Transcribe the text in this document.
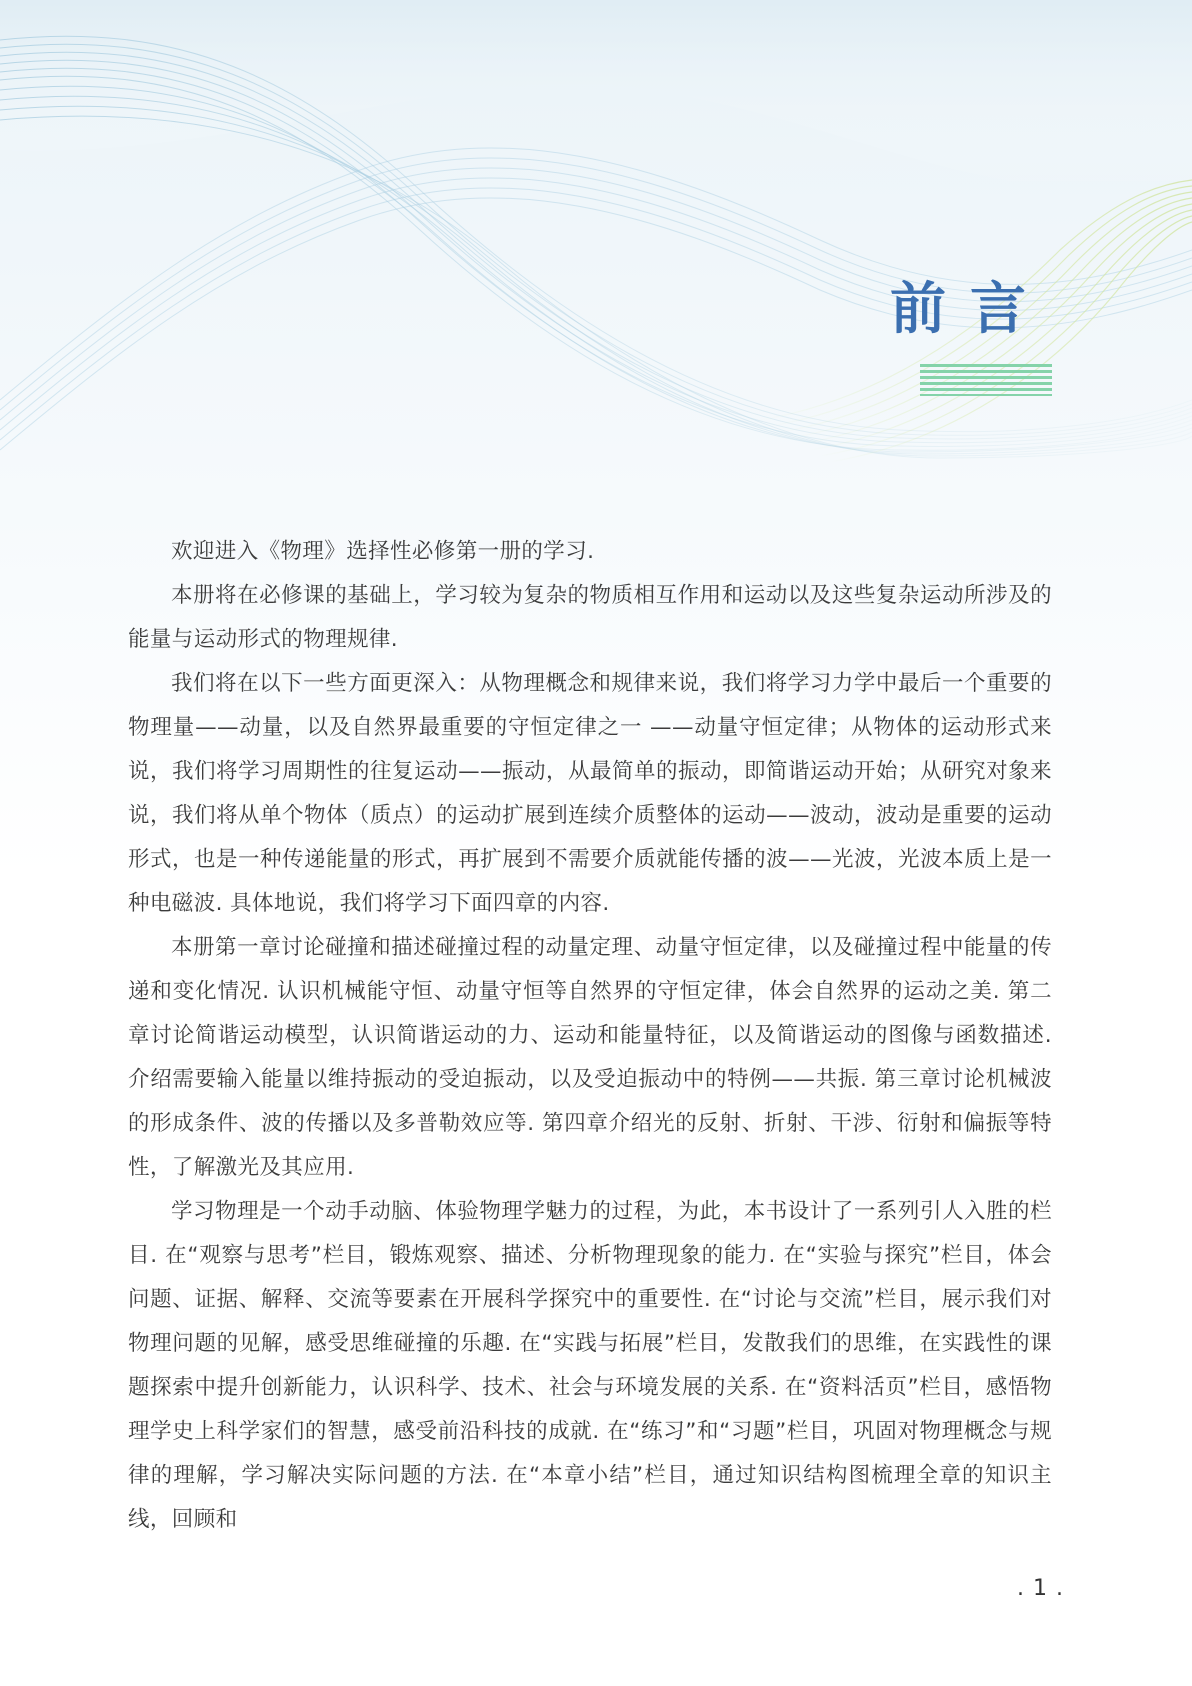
前言

欢迎进入《物理》选择性必修第一册的学习.

本册将在必修课的基础上，学习较为复杂的物质相互作用和运动以及这些复杂运动所涉及的能量与运动形式的物理规律.

我们将在以下一些方面更深入：从物理概念和规律来说，我们将学习力学中最后一个重要的物理量——动量，以及自然界最重要的守恒定律之一 ——动量守恒定律；从物体的运动形式来说，我们将学习周期性的往复运动——振动，从最简单的振动，即简谐运动开始；从研究对象来说，我们将从单个物体（质点）的运动扩展到连续介质整体的运动——波动，波动是重要的运动形式，也是一种传递能量的形式，再扩展到不需要介质就能传播的波——光波，光波本质上是一种电磁波. 具体地说，我们将学习下面四章的内容.

本册第一章讨论碰撞和描述碰撞过程的动量定理、动量守恒定律，以及碰撞过程中能量的传递和变化情况. 认识机械能守恒、动量守恒等自然界的守恒定律，体会自然界的运动之美. 第二章讨论简谐运动模型，认识简谐运动的力、运动和能量特征，以及简谐运动的图像与函数描述. 介绍需要输入能量以维持振动的受迫振动，以及受迫振动中的特例——共振. 第三章讨论机械波的形成条件、波的传播以及多普勒效应等. 第四章介绍光的反射、折射、干涉、衍射和偏振等特性，了解激光及其应用.

学习物理是一个动手动脑、体验物理学魅力的过程，为此，本书设计了一系列引人入胜的栏目. 在“观察与思考”栏目，锻炼观察、描述、分析物理现象的能力. 在“实验与探究”栏目，体会问题、证据、解释、交流等要素在开展科学探究中的重要性. 在“讨论与交流”栏目，展示我们对物理问题的见解，感受思维碰撞的乐趣. 在“实践与拓展”栏目，发散我们的思维，在实践性的课题探索中提升创新能力，认识科学、技术、社会与环境发展的关系. 在“资料活页”栏目，感悟物理学史上科学家们的智慧，感受前沿科技的成就. 在“练习”和“习题”栏目，巩固对物理概念与规律的理解，学习解决实际问题的方法. 在“本章小结”栏目，通过知识结构图梳理全章的知识主线，回顾和

. 1 .
